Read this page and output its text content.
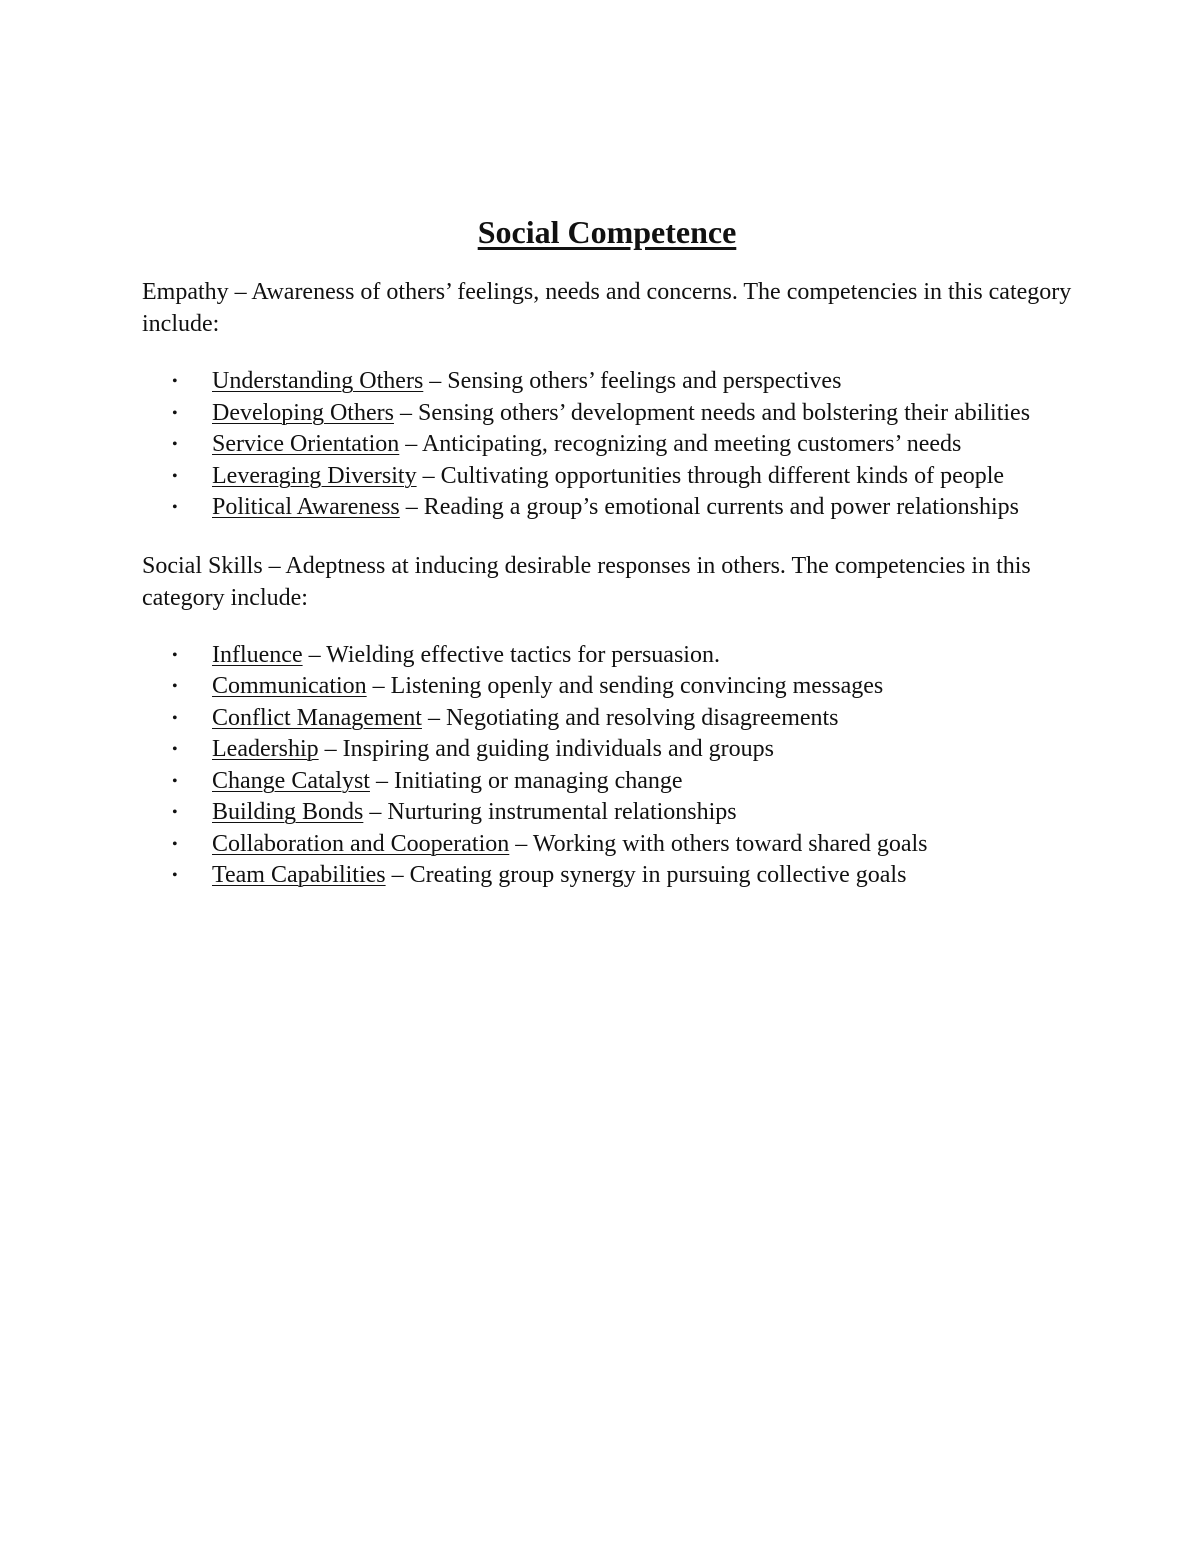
Social Competence

Empathy – Awareness of others’ feelings, needs and concerns. The competencies in this category include:

• Understanding Others – Sensing others’ feelings and perspectives
• Developing Others – Sensing others’ development needs and bolstering their abilities
• Service Orientation – Anticipating, recognizing and meeting customers’ needs
• Leveraging Diversity – Cultivating opportunities through different kinds of people
• Political Awareness – Reading a group’s emotional currents and power relationships

Social Skills – Adeptness at inducing desirable responses in others. The competencies in this category include:

• Influence – Wielding effective tactics for persuasion.
• Communication – Listening openly and sending convincing messages
• Conflict Management – Negotiating and resolving disagreements
• Leadership – Inspiring and guiding individuals and groups
• Change Catalyst – Initiating or managing change
• Building Bonds – Nurturing instrumental relationships
• Collaboration and Cooperation – Working with others toward shared goals
• Team Capabilities – Creating group synergy in pursuing collective goals
